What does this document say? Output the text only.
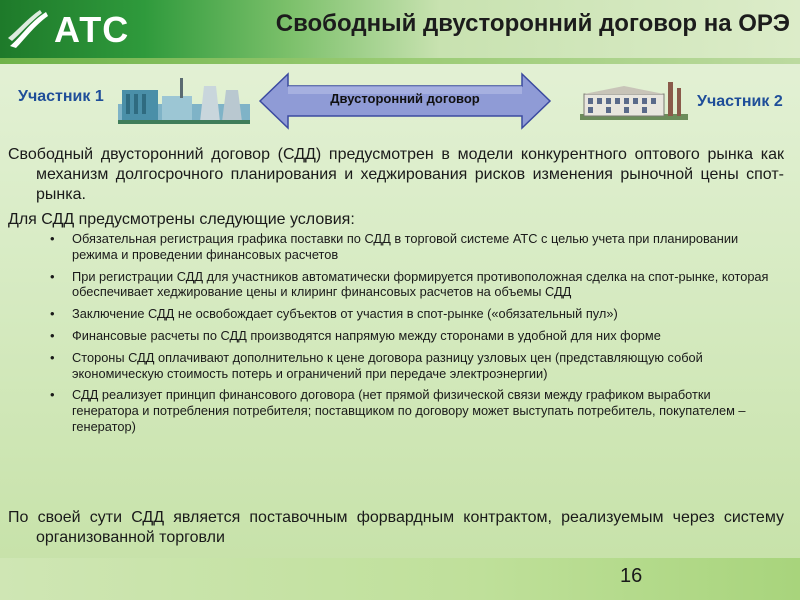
АТС	Свободный двусторонний договор на ОРЭ
Участник 1	Двусторонний договор	Участник 2
Свободный двусторонний договор (СДД) предусмотрен в модели конкурентного оптового рынка как механизм долгосрочного планирования и хеджирования рисков изменения рыночной цены спот-рынка.
Для СДД предусмотрены следующие условия:
• Обязательная регистрация графика поставки по СДД в торговой системе АТС с целью учета при планировании режима и проведении финансовых расчетов
• При регистрации СДД для участников автоматически формируется противоположная сделка на спот-рынке, которая обеспечивает хеджирование цены и клиринг финансовых расчетов на объемы СДД
• Заключение СДД не освобождает субъектов от участия в спот-рынке («обязательный пул»)
• Финансовые расчеты по СДД производятся напрямую между сторонами в удобной для них форме
• Стороны СДД оплачивают дополнительно к цене договора разницу узловых цен (представляющую собой экономическую стоимость потерь и ограничений при передаче электроэнергии)
• СДД реализует принцип финансового договора (нет прямой физической связи между графиком выработки генератора и потребления потребителя; поставщиком по договору может выступать потребитель, покупателем – генератор)
По своей сути СДД является поставочным форвардным контрактом, реализуемым через систему организованной торговли
16
